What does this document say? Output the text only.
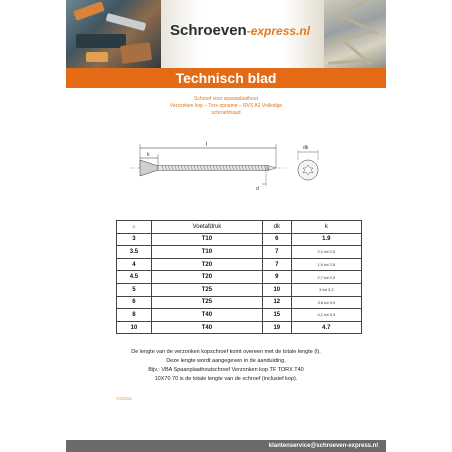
Schroeven-express.nl
Technisch blad
Schroef voor spaanplaathout
Verzonken kop – Torx-opname – RVS A2 Volledige
schroefdraad
l
k
d
dk
D	Voetafdruk	dk	k
3	T10	6	1.9
3.5	T10	7	2,1 tot 2,5
4	T20	7	1,9 tot 2,6
4.5	T20	9	2,7 tot 2,9
5	T25	10	3 tot 3,2
6	T25	12	3,6 tot 3,9
8	T40	15	4,1 tot 5,3
10	T40	19	4.7
De lengte van de verzonken kopschroef komt overeen met de totale lengte (l).
Deze lengte wordt aangegeven in de aanduiding.
Bijv.: VBA Spaanplaathoutschroef Verzonken kop TF TORX T40
10X70 70 is de totale lengte van de schroef (inclusief kop).
VS0251
klantenservice@schroeven-express.nl
